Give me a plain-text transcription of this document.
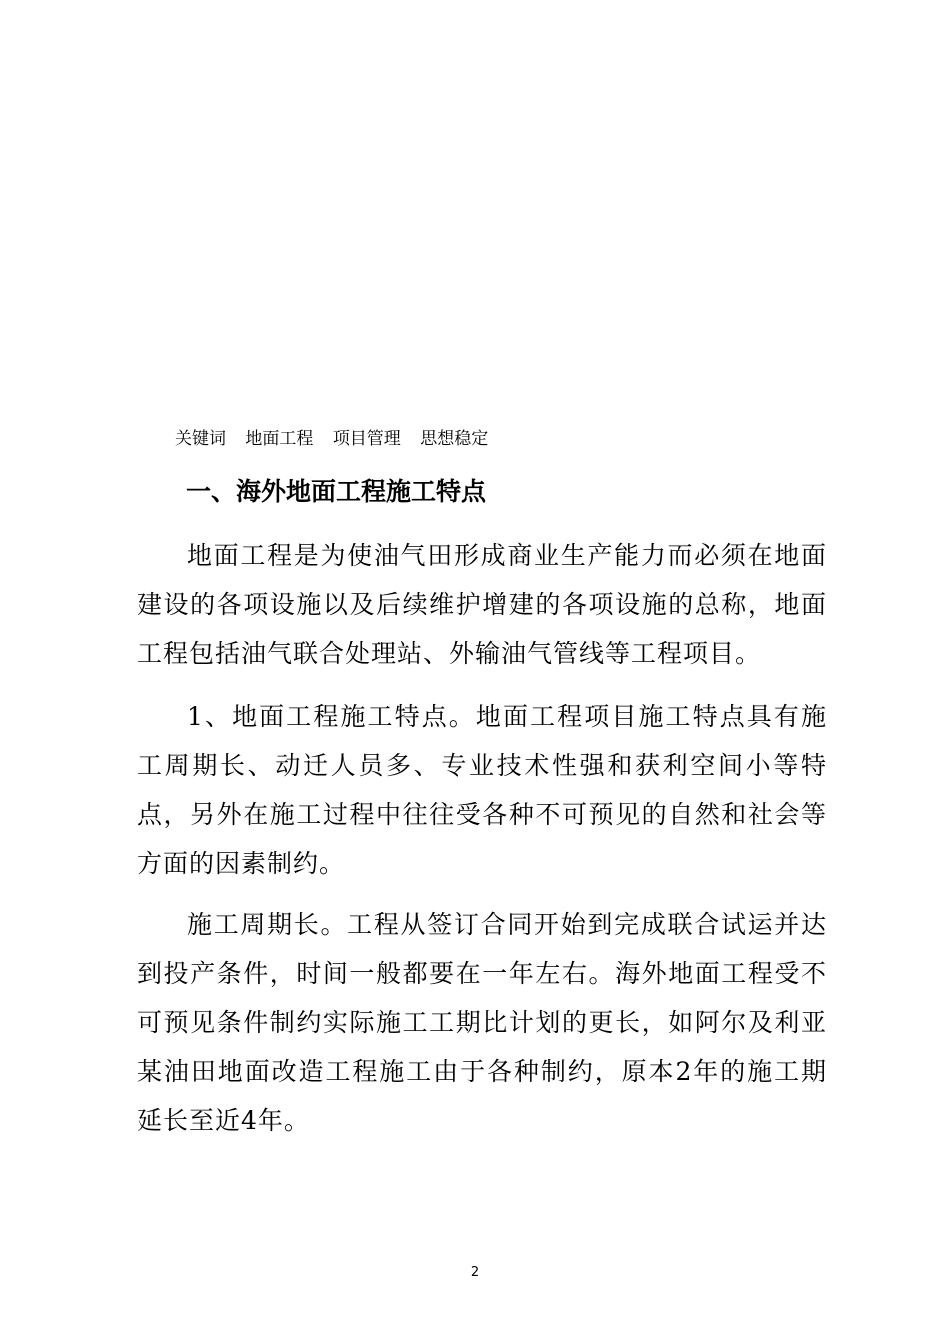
关键词 地面工程 项目管理 思想稳定
一、海外地面工程施工特点

地面工程是为使油气田形成商业生产能力而必须在地面建设的各项设施以及后续维护增建的各项设施的总称，地面工程包括油气联合处理站、外输油气管线等工程项目。

1、地面工程施工特点。地面工程项目施工特点具有施工周期长、动迁人员多、专业技术性强和获利空间小等特点，另外在施工过程中往往受各种不可预见的自然和社会等方面的因素制约。

施工周期长。工程从签订合同开始到完成联合试运并达到投产条件，时间一般都要在一年左右。海外地面工程受不可预见条件制约实际施工工期比计划的更长，如阿尔及利亚某油田地面改造工程施工由于各种制约，原本2年的施工期延长至近4年。

2
